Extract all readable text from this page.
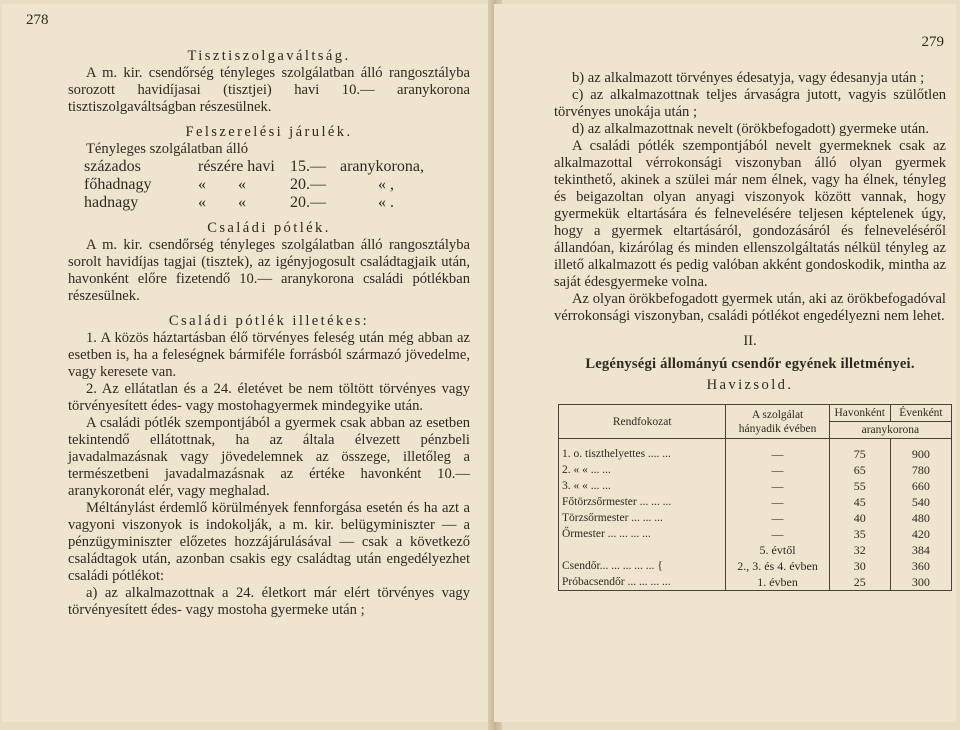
278

Tisztiszolgaváltság.

A m. kir. csendőrség tényleges szolgálatban álló rangosztályba sorozott havidíjasai (tisztjei) havi 10.— aranykorona tisztiszolgaváltságban részesülnek.

Felszerelési járulék.

Tényleges szolgálatban álló

százados	részére havi 15.— aranykorona,
főhadnagy	«	«	20.—	« ,
hadnagy	«	«	20.—	« .

Családi pótlék.

A m. kir. csendőrség tényleges szolgálatban álló rangosztályba sorolt havidíjas tagjai (tisztek), az igényjogosult családtagjaik után, havonként előre fizetendő 10.— aranykorona családi pótlékban részesülnek.

Családi pótlék illetékes:

1. A közös háztartásban élő törvényes feleség után még abban az esetben is, ha a feleségnek bármiféle forrásból származó jövedelme, vagy keresete van.

2. Az ellátatlan és a 24. életévet be nem töltött törvényes vagy törvényesített édes- vagy mostohagyermek mindegyike után.

A családi pótlék szempontjából a gyermek csak abban az esetben tekintendő ellátottnak, ha az általa élvezett pénzbeli javadalmazásnak vagy jövedelemnek az összege, illetőleg a természetbeni javadalmazásnak az értéke havonként 10.— aranykoronát elér, vagy meghalad.

Méltánylást érdemlő körülmények fennforgása esetén és ha azt a vagyoni viszonyok is indokolják, a m. kir. belügyminiszter — a pénzügyminiszter előzetes hozzájárulásával — csak a következő családtagok után, azonban csakis egy családtag után engedélyezhet családi pótlékot:

a) az alkalmazottnak a 24. életkort már elért törvényes vagy törvényesített édes- vagy mostoha gyermeke után ;

279

b) az alkalmazott törvényes édesatyja, vagy édesanyja után ;

c) az alkalmazottnak teljes árvaságra jutott, vagyis szülőtlen törvényes unokája után ;

d) az alkalmazottnak nevelt (örökbefogadott) gyermeke után.

A családi pótlék szempontjából nevelt gyermeknek csak az alkalmazottal vérrokonsági viszonyban álló olyan gyermek tekinthető, akinek a szülei már nem élnek, vagy ha élnek, tényleg és beigazoltan olyan anyagi viszonyok között vannak, hogy gyermekük eltartására és felnevelésére teljesen képtelenek úgy, hogy a gyermek eltartásáról, gondozásáról és felneveléséről állandóan, kizárólag és minden ellenszolgáltatás nélkül tényleg az illető alkalmazott és pedig valóban akként gondoskodik, mintha az saját édesgyermeke volna.

Az olyan örökbefogadott gyermek után, aki az örökbefogadóval vérrokonsági viszonyban, családi pótlékot engedélyezni nem lehet.

II.

Legénységi állományú csendőr egyének illetményei.

Havizsold.

Rendfokozat	A szolgálat hányadik évében	Havonként	Évenként
		aranykorona	
1. o. tiszthelyettes .... ...	—	75	900
2. « « ... ...	—	65	780
3. « « ... ...	—	55	660
Főtörzsőrmester ... ... ...	—	45	540
Törzsőrmester ... ... ...	—	40	480
Őrmester ... ... ... ...	—	35	420
	5. évtől	32	384
Csendőr... ... ... ... ... {	2., 3. és 4. évben	30	360
Próbacsendőr ... ... ... ...	1. évben	25	300
